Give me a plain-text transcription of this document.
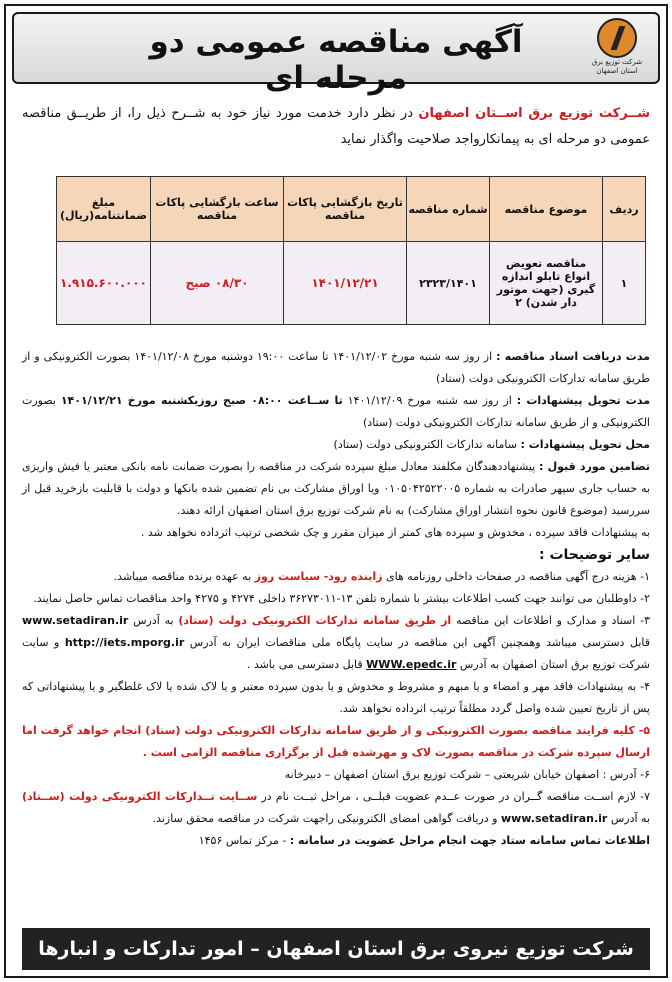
شرکت توزیع برق
استان اصفهان
آگهی مناقصه عمومی دو مرحله ای
شــرکت توزیع برق اســتان اصفهان در نظر دارد خدمت مورد نیاز خود به شــرح ذیل را، از طریــق مناقصه عمومی دو مرحله ای به پیمانکارواجد صلاحیت واگذار نماید
ردیف	موضوع مناقصه	شماره مناقصه	تاریخ بازگشایی پاکات مناقصه	ساعت بازگشایی پاکات مناقصه	مبلغ ضمانتنامه(ریال)
۱	مناقصه تعویض انواع تابلو اندازه گیری (جهت موتور دار شدن) ۲	۲۳۲۳/۱۴۰۱	۱۴۰۱/۱۲/۲۱	۰۸/۳۰ صبح	۱.۹۱۵.۶۰۰.۰۰۰

مدت دریافت اسناد مناقصه : از روز سه شنبه مورخ ۱۴۰۱/۱۲/۰۲ تا ساعت ۱۹:۰۰ دوشنبه مورخ ۱۴۰۱/۱۲/۰۸ بصورت الکترونیکی و از طریق سامانه تدارکات الکترونیکی دولت (ستاد)

مدت تحویل پیشنهادات : از روز سه شنبه مورخ ۱۴۰۱/۱۲/۰۹ تا ســاعت ۰۸:۰۰ صبح روزیکشنبه مورخ ۱۴۰۱/۱۲/۲۱ بصورت الکترونیکی و از طریق سامانه تدارکات الکترونیکی دولت (ستاد)

محل تحویل پیشنهادات : سامانه تدارکات الکترونیکی دولت (ستاد)

تضامین مورد قبول : پیشنهاددهندگان مکلفند معادل مبلغ سپرده شرکت در مناقصه را بصورت ضمانت نامه بانکی معتبر یا فیش واریزی به حساب جاری سپهر صادرات به شماره ۰۱۰۵۰۴۲۵۲۲۰۰۵ ویا اوراق مشارکت بی نام تضمین شده بانکها و دولت با قابلیت بازخرید قبل از سررسید (موضوع قانون نحوه انتشار اوراق مشارکت) به نام شرکت توزیع برق استان اصفهان ارائه دهند.

به پیشنهادات فاقد سپرده ، مخدوش و سپرده های کمتر از میزان مقرر و چک شخصی ترتیب اثرداده نخواهد شد .

سایر توضیحات :

۱- هزینه درج آگهی مناقصه در صفحات داخلی روزنامه های زاینده رود- سیاست روز به عهده برنده مناقصه میباشد.

۲- داوطلبان می توانند جهت کسب اطلاعات بیشتر با شماره تلفن ۱۳-۳۶۲۷۳۰۱۱ داخلی ۴۲۷۴ و ۴۲۷۵ واحد مناقصات تماس حاصل نمایند.

۳- اسناد و مدارک و اطلاعات این مناقصه از طریق سامانه تدارکات الکترونیکی دولت (ستاد) به آدرس www.setadiran.ir قابل دسترسی میباشد وهمچنین آگهی این مناقصه در سایت پایگاه ملی مناقصات ایران به آدرس http://iets.mporg.ir و سایت شرکت توزیع برق استان اصفهان به آدرس WWW.epedc.ir قابل دسترسی می باشد .

۴- به پیشنهادات فاقد مهر و امضاء و یا مبهم و مشروط و مخدوش و یا بدون سپرده معتبر و یا لاک شده یا لاک غلطگیر و یا پیشنهاداتی که پس از تاریخ تعیین شده واصل گردد مطلقاً ترتیب اثرداده نخواهد شد.

۵- کلیه فرایند مناقصه بصورت الکترونیکی و از طریق سامانه تدارکات الکترونیکی دولت (ستاد) انجام خواهد گرفت اما ارسال سپرده شرکت در مناقصه بصورت لاک و مهرشده قبل از برگزاری مناقصه الزامی است .

۶- آدرس : اصفهان خیابان شریعتی – شرکت توزیع برق استان اصفهان – دبیرخانه

۷- لازم اســت مناقصه گــران در صورت عــدم عضویت قبلــی ، مراحل ثبــت نام در ســایت تــدارکات الکترونیکی دولت (ســتاد) به آدرس www.setadiran.ir و دریافت گواهی امضای الکترونیکی راجهت شرکت در مناقصه محقق سازند.

اطلاعات تماس سامانه ستاد جهت انجام مراحل عضویت در سامانه : - مرکز تماس ۱۴۵۶

شرکت توزیع نیروی برق استان اصفهان – امور تدارکات و انبارها
